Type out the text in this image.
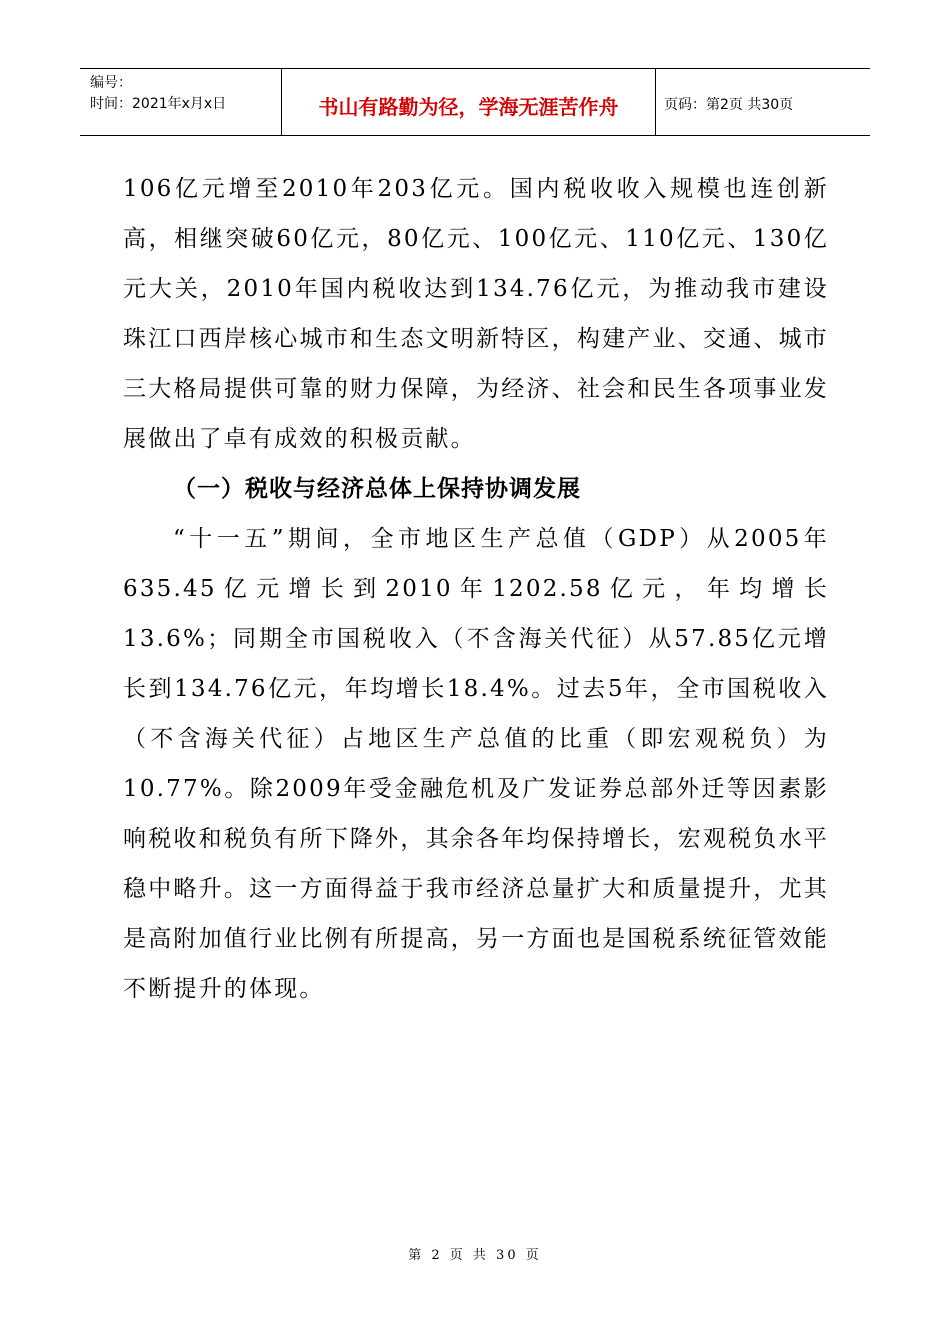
编号：
时间：2021年x月x日	书山有路勤为径，学海无涯苦作舟	页码：第2页 共30页

106亿元增至2010年203亿元。国内税收收入规模也连创新高，相继突破60亿元，80亿元、100亿元、110亿元、130亿元大关，2010年国内税收达到134.76亿元，为推动我市建设珠江口西岸核心城市和生态文明新特区，构建产业、交通、城市三大格局提供可靠的财力保障，为经济、社会和民生各项事业发展做出了卓有成效的积极贡献。

（一）税收与经济总体上保持协调发展

“十一五”期间，全市地区生产总值（GDP）从2005年635.45亿元增长到2010年1202.58亿元，年均增长13.6%；同期全市国税收入（不含海关代征）从57.85亿元增长到134.76亿元，年均增长18.4%。过去5年，全市国税收入（不含海关代征）占地区生产总值的比重（即宏观税负）为10.77%。除2009年受金融危机及广发证券总部外迁等因素影响税收和税负有所下降外，其余各年均保持增长，宏观税负水平稳中略升。这一方面得益于我市经济总量扩大和质量提升，尤其是高附加值行业比例有所提高，另一方面也是国税系统征管效能不断提升的体现。

第 2 页 共 30 页
